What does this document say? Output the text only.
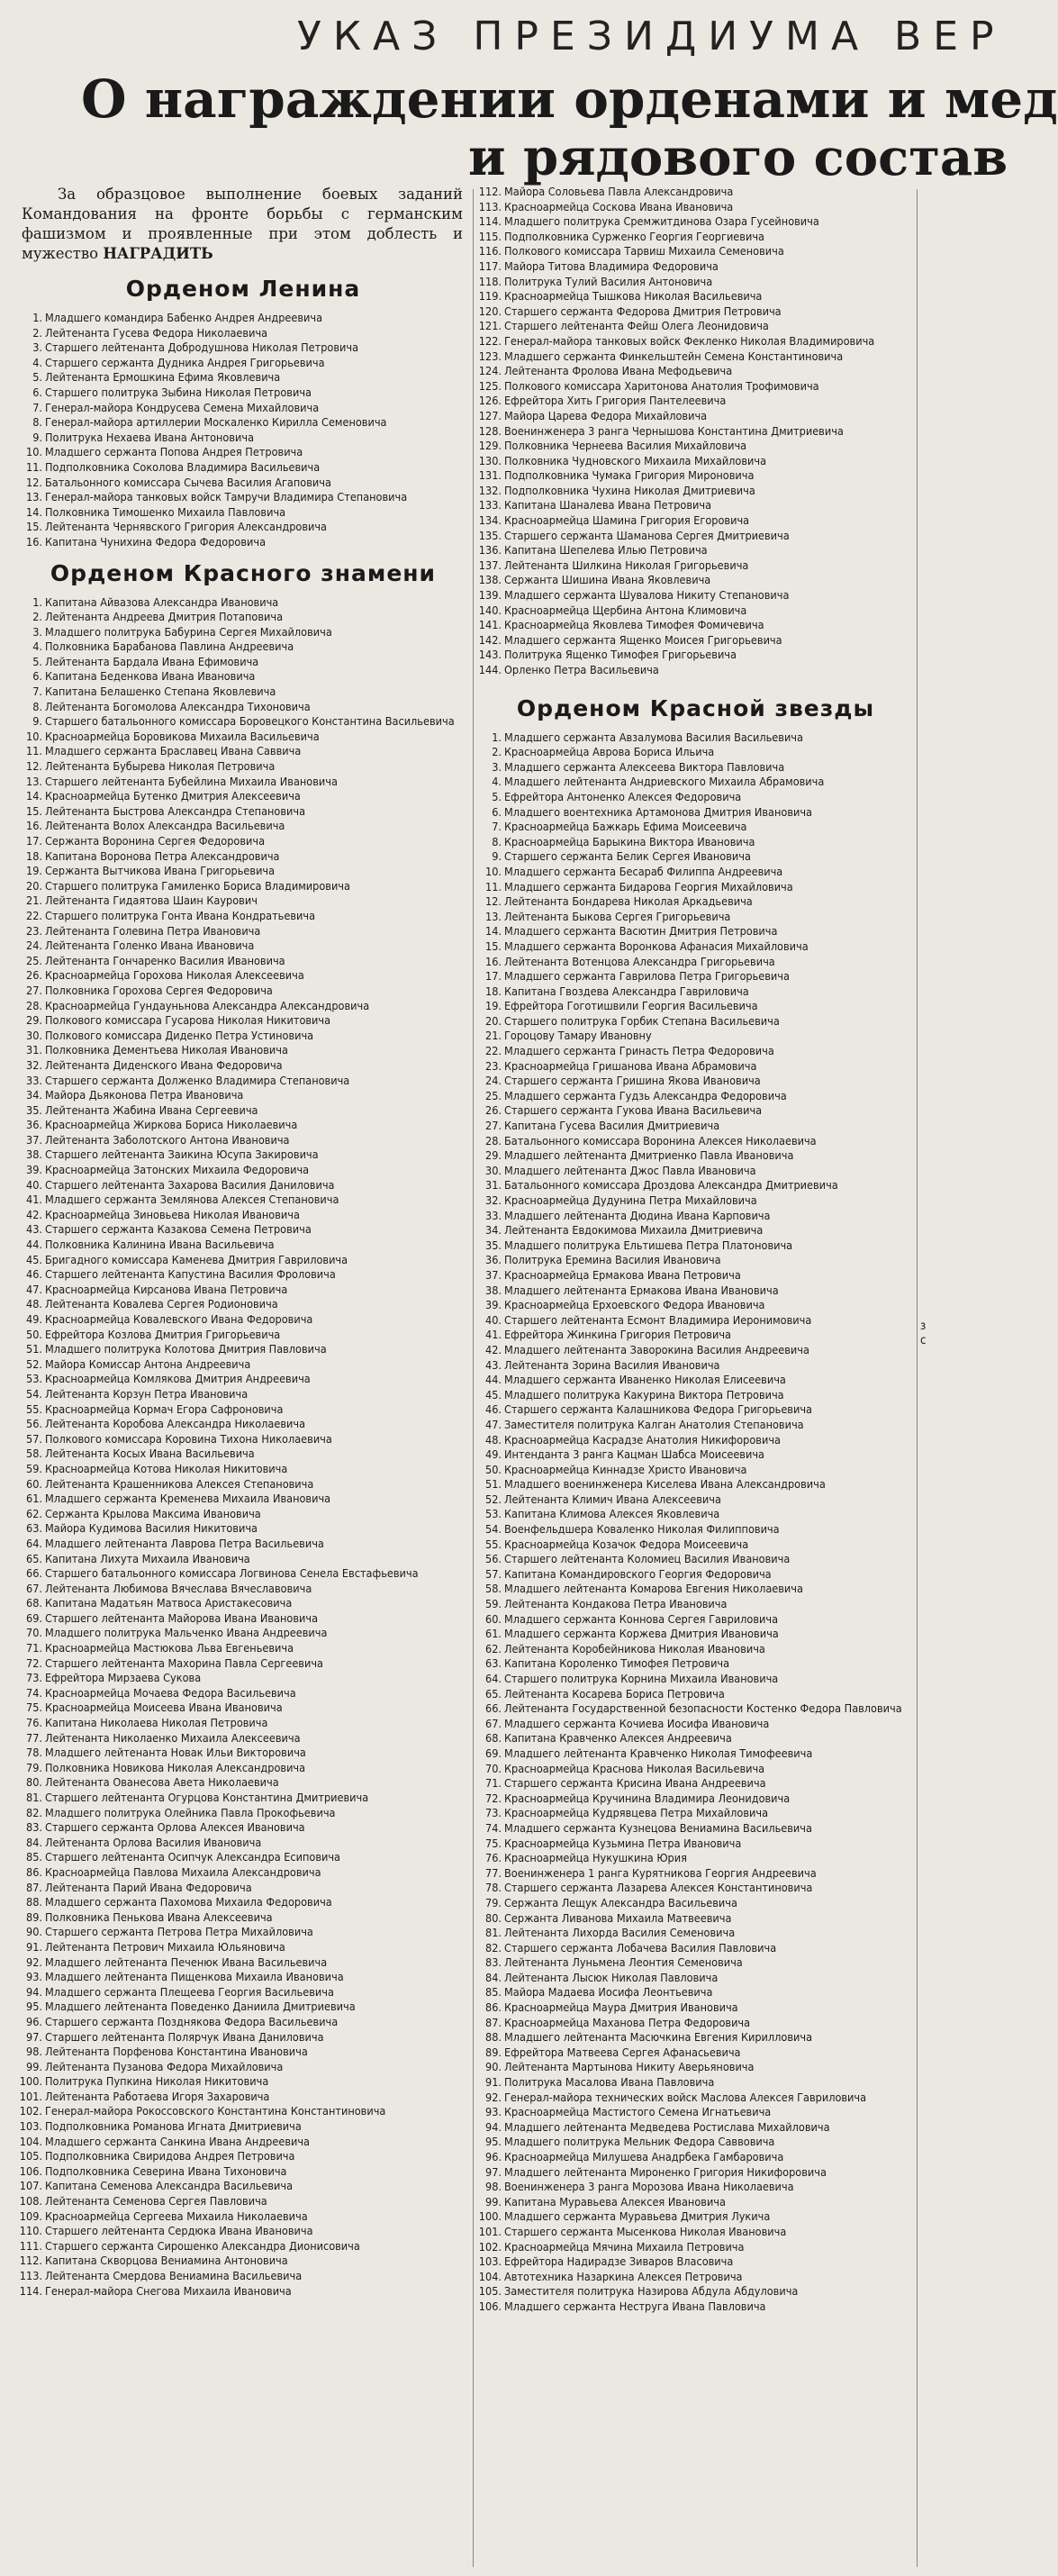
УКАЗ ПРЕЗИДИУМА ВЕР
О награждении орденами и мед
и рядового состав

За образцовое выполнение боевых заданий Командования на фронте борьбы с германским фашизмом и проявленные при этом доблесть и мужество НАГРАДИТЬ

Орденом Ленина
1. Младшего командира Бабенко Андрея Андреевича
2. Лейтенанта Гусева Федора Николаевича
3. Старшего лейтенанта Добродушнова Николая Петровича
4. Старшего сержанта Дудника Андрея Григорьевича
5. Лейтенанта Ермошкина Ефима Яковлевича
6. Старшего политрука Зыбина Николая Петровича
7. Генерал-майора Кондрусева Семена Михайловича
8. Генерал-майора артиллерии Москаленко Кирилла Семеновича
9. Политрука Нехаева Ивана Антоновича
10. Младшего сержанта Попова Андрея Петровича
11. Подполковника Соколова Владимира Васильевича
12. Батальонного комиссара Сычева Василия Агаповича
13. Генерал-майора танковых войск Тамручи Владимира Степановича
14. Полковника Тимошенко Михаила Павловича
15. Лейтенанта Чернявского Григория Александровича
16. Капитана Чунихина Федора Федоровича
Орденом Красного знамени
1. Капитана Айвазова Александра Ивановича
2. Лейтенанта Андреева Дмитрия Потаповича
3. Младшего политрука Бабурина Сергея Михайловича
4. Полковника Барабанова Павлина Андреевича
5. Лейтенанта Бардала Ивана Ефимовича
6. Капитана Беденкова Ивана Ивановича
7. Капитана Белашенко Степана Яковлевича
8. Лейтенанта Богомолова Александра Тихоновича
9. Старшего батальонного комиссара Боровецкого Константина Васильевича
10. Красноармейца Боровикова Михаила Васильевича
11. Младшего сержанта Браславец Ивана Саввича
12. Лейтенанта Бубырева Николая Петровича
13. Старшего лейтенанта Бубейлина Михаила Ивановича
14. Красноармейца Бутенко Дмитрия Алексеевича
15. Лейтенанта Быстрова Александра Степановича
16. Лейтенанта Волох Александра Васильевича
17. Сержанта Воронина Сергея Федоровича
18. Капитана Воронова Петра Александровича
19. Сержанта Вытчикова Ивана Григорьевича
20. Старшего политрука Гамиленко Бориса Владимировича
21. Лейтенанта Гидаятова Шаин Каурович
22. Старшего политрука Гонта Ивана Кондратьевича
23. Лейтенанта Голевина Петра Ивановича
24. Лейтенанта Голенко Ивана Ивановича
25. Лейтенанта Гончаренко Василия Ивановича
26. Красноармейца Горохова Николая Алексеевича
27. Полковника Горохова Сергея Федоровича
28. Красноармейца Гундауньнова Александра Александровича
29. Полкового комиссара Гусарова Николая Никитовича
30. Полкового комиссара Диденко Петра Устиновича
31. Полковника Дементьева Николая Ивановича
32. Лейтенанта Диденского Ивана Федоровича
33. Старшего сержанта Долженко Владимира Степановича
34. Майора Дьяконова Петра Ивановича
35. Лейтенанта Жабина Ивана Сергеевича
36. Красноармейца Жиркова Бориса Николаевича
37. Лейтенанта Заболотского Антона Ивановича
38. Старшего лейтенанта Заикина Юсупа Закировича
39. Красноармейца Затонских Михаила Федоровича
40. Старшего лейтенанта Захарова Василия Даниловича
41. Младшего сержанта Землянова Алексея Степановича
42. Красноармейца Зиновьева Николая Ивановича
43. Старшего сержанта Казакова Семена Петровича
44. Полковника Калинина Ивана Васильевича
45. Бригадного комиссара Каменева Дмитрия Гавриловича
46. Старшего лейтенанта Капустина Василия Фроловича
47. Красноармейца Кирсанова Ивана Петровича
48. Лейтенанта Ковалева Сергея Родионовича
49. Красноармейца Ковалевского Ивана Федоровича
50. Ефрейтора Козлова Дмитрия Григорьевича
51. Младшего политрука Колотова Дмитрия Павловича
52. Майора Комиссар Антона Андреевича
53. Красноармейца Комлякова Дмитрия Андреевича
54. Лейтенанта Корзун Петра Ивановича
55. Красноармейца Кормач Егора Сафроновича
56. Лейтенанта Коробова Александра Николаевича
57. Полкового комиссара Коровина Тихона Николаевича
58. Лейтенанта Косых Ивана Васильевича
59. Красноармейца Котова Николая Никитовича
60. Лейтенанта Крашенникова Алексея Степановича
61. Младшего сержанта Кременева Михаила Ивановича
62. Сержанта Крылова Максима Ивановича
63. Майора Кудимова Василия Никитовича
64. Младшего лейтенанта Лаврова Петра Васильевича
65. Капитана Лихута Михаила Ивановича
66. Старшего батальонного комиссара Логвинова Сенела Евстафьевича
67. Лейтенанта Любимова Вячеслава Вячеславовича
68. Капитана Мадатьян Матвоса Аристакесовича
69. Старшего лейтенанта Майорова Ивана Ивановича
70. Младшего политрука Мальченко Ивана Андреевича
71. Красноармейца Мастюкова Льва Евгеньевича
72. Старшего лейтенанта Махорина Павла Сергеевича
73. Ефрейтора Мирзаева Сукова
74. Красноармейца Мочаева Федора Васильевича
75. Красноармейца Моисеева Ивана Ивановича
76. Капитана Николаева Николая Петровича
77. Лейтенанта Николаенко Михаила Алексеевича
78. Младшего лейтенанта Новак Ильи Викторовича
79. Полковника Новикова Николая Александровича
80. Лейтенанта Ованесова Авета Николаевича
81. Старшего лейтенанта Огурцова Константина Дмитриевича
82. Младшего политрука Олейника Павла Прокофьевича
83. Старшего сержанта Орлова Алексея Ивановича
84. Лейтенанта Орлова Василия Ивановича
85. Старшего лейтенанта Осипчук Александра Есиповича
86. Красноармейца Павлова Михаила Александровича
87. Лейтенанта Парий Ивана Федоровича
88. Младшего сержанта Пахомова Михаила Федоровича
89. Полковника Пенькова Ивана Алексеевича
90. Старшего сержанта Петрова Петра Михайловича
91. Лейтенанта Петрович Михаила Юльяновича
92. Младшего лейтенанта Печенюк Ивана Васильевича
93. Младшего лейтенанта Пищенкова Михаила Ивановича
94. Младшего сержанта Плещеева Георгия Васильевича
95. Младшего лейтенанта Поведенко Даниила Дмитриевича
96. Старшего сержанта Позднякова Федора Васильевича
97. Старшего лейтенанта Полярчук Ивана Даниловича
98. Лейтенанта Порфенова Константина Ивановича
99. Лейтенанта Пузанова Федора Михайловича
100. Политрука Пупкина Николая Никитовича
101. Лейтенанта Работаева Игоря Захаровича
102. Генерал-майора Рокоссовского Константина Константиновича
103. Подполковника Романова Игната Дмитриевича
104. Младшего сержанта Санкина Ивана Андреевича
105. Подполковника Свиридова Андрея Петровича
106. Подполковника Северина Ивана Тихоновича
107. Капитана Семенова Александра Васильевича
108. Лейтенанта Семенова Сергея Павловича
109. Красноармейца Сергеева Михаила Николаевича
110. Старшего лейтенанта Сердюка Ивана Ивановича
111. Старшего сержанта Сирошенко Александра Дионисовича
112. Капитана Скворцова Вениамина Антоновича
113. Лейтенанта Смердова Вениамина Васильевича
114. Генерал-майора Снегова Михаила Ивановича
112. Майора Соловьева Павла Александровича
113. Красноармейца Соскова Ивана Ивановича
114. Младшего политрука Сремжитдинова Озара Гусейновича
115. Подполковника Сурженко Георгия Георгиевича
116. Полкового комиссара Тарвиш Михаила Семеновича
117. Майора Титова Владимира Федоровича
118. Политрука Тулий Василия Антоновича
119. Красноармейца Тышкова Николая Васильевича
120. Старшего сержанта Федорова Дмитрия Петровича
121. Старшего лейтенанта Фейш Олега Леонидовича
122. Генерал-майора танковых войск Фекленко Николая Владимировича
123. Младшего сержанта Финкельштейн Семена Константиновича
124. Лейтенанта Фролова Ивана Мефодьевича
125. Полкового комиссара Харитонова Анатолия Трофимовича
126. Ефрейтора Хить Григория Пантелеевича
127. Майора Царева Федора Михайловича
128. Военинженера 3 ранга Чернышова Константина Дмитриевича
129. Полковника Чернеева Василия Михайловича
130. Полковника Чудновского Михаила Михайловича
131. Подполковника Чумака Григория Мироновича
132. Подполковника Чухина Николая Дмитриевича
133. Капитана Шаналева Ивана Петровича
134. Красноармейца Шамина Григория Егоровича
135. Старшего сержанта Шаманова Сергея Дмитриевича
136. Капитана Шепелева Илью Петровича
137. Лейтенанта Шилкина Николая Григорьевича
138. Сержанта Шишина Ивана Яковлевича
139. Младшего сержанта Шувалова Никиту Степановича
140. Красноармейца Щербина Антона Климовича
141. Красноармейца Яковлева Тимофея Фомичевича
142. Младшего сержанта Ященко Моисея Григорьевича
143. Политрука Ященко Тимофея Григорьевича
144. Орленко Петра Васильевича
Орденом Красной звезды
1. Младшего сержанта Авзалумова Василия Васильевича
2. Красноармейца Аврова Бориса Ильича
3. Младшего сержанта Алексеева Виктора Павловича
4. Младшего лейтенанта Андриевского Михаила Абрамовича
5. Ефрейтора Антоненко Алексея Федоровича
6. Младшего воентехника Артамонова Дмитрия Ивановича
7. Красноармейца Бажкарь Ефима Моисеевича
8. Красноармейца Барыкина Виктора Ивановича
9. Старшего сержанта Белик Сергея Ивановича
10. Младшего сержанта Бесараб Филиппа Андреевича
11. Младшего сержанта Бидарова Георгия Михайловича
12. Лейтенанта Бондарева Николая Аркадьевича
13. Лейтенанта Быкова Сергея Григорьевича
14. Младшего сержанта Васютин Дмитрия Петровича
15. Младшего сержанта Воронкова Афанасия Михайловича
16. Лейтенанта Вотенцова Александра Григорьевича
17. Младшего сержанта Гаврилова Петра Григорьевича
18. Капитана Гвоздева Александра Гавриловича
19. Ефрейтора Гоготишвили Георгия Васильевича
20. Старшего политрука Горбик Степана Васильевича
21. Гороцову Тамару Ивановну
22. Младшего сержанта Гринасть Петра Федоровича
23. Красноармейца Гришанова Ивана Абрамовича
24. Старшего сержанта Гришина Якова Ивановича
25. Младшего сержанта Гудзь Александра Федоровича
26. Старшего сержанта Гукова Ивана Васильевича
27. Капитана Гусева Василия Дмитриевича
28. Батальонного комиссара Воронина Алексея Николаевича
29. Младшего лейтенанта Дмитриенко Павла Ивановича
30. Младшего лейтенанта Джос Павла Ивановича
31. Батальонного комиссара Дроздова Александра Дмитриевича
32. Красноармейца Дудунина Петра Михайловича
33. Младшего лейтенанта Дюдина Ивана Карповича
34. Лейтенанта Евдокимова Михаила Дмитриевича
35. Младшего политрука Ельтишева Петра Платоновича
36. Политрука Еремина Василия Ивановича
37. Красноармейца Ермакова Ивана Петровича
38. Младшего лейтенанта Ермакова Ивана Ивановича
39. Красноармейца Ерхоевского Федора Ивановича
40. Старшего лейтенанта Есмонт Владимира Иеронимовича
41. Ефрейтора Жинкина Григория Петровича
42. Младшего лейтенанта Заворокина Василия Андреевича
43. Лейтенанта Зорина Василия Ивановича
44. Младшего сержанта Иваненко Николая Елисеевича
45. Младшего политрука Какурина Виктора Петровича
46. Старшего сержанта Калашникова Федора Григорьевича
47. Заместителя политрука Калган Анатолия Степановича
48. Красноармейца Касрадзе Анатолия Никифоровича
49. Интенданта 3 ранга Кацман Шабса Моисеевича
50. Красноармейца Киннадзе Христо Ивановича
51. Младшего военинженера Киселева Ивана Александровича
52. Лейтенанта Климич Ивана Алексеевича
53. Капитана Климова Алексея Яковлевича
54. Военфельдшера Коваленко Николая Филипповича
55. Красноармейца Козачок Федора Моисеевича
56. Старшего лейтенанта Коломиец Василия Ивановича
57. Капитана Командировского Георгия Федоровича
58. Младшего лейтенанта Комарова Евгения Николаевича
59. Лейтенанта Кондакова Петра Ивановича
60. Младшего сержанта Коннова Сергея Гавриловича
61. Младшего сержанта Коржева Дмитрия Ивановича
62. Лейтенанта Коробейникова Николая Ивановича
63. Капитана Короленко Тимофея Петровича
64. Старшего политрука Корнина Михаила Ивановича
65. Лейтенанта Косарева Бориса Петровича
66. Лейтенанта Государственной безопасности Костенко Федора Павловича
67. Младшего сержанта Кочиева Иосифа Ивановича
68. Капитана Кравченко Алексея Андреевича
69. Младшего лейтенанта Кравченко Николая Тимофеевича
70. Красноармейца Краснова Николая Васильевича
71. Старшего сержанта Крисина Ивана Андреевича
72. Красноармейца Кручинина Владимира Леонидовича
73. Красноармейца Кудрявцева Петра Михайловича
74. Младшего сержанта Кузнецова Вениамина Васильевича
75. Красноармейца Кузьмина Петра Ивановича
76. Красноармейца Нукушкина Юрия
77. Военинженера 1 ранга Курятникова Георгия Андреевича
78. Старшего сержанта Лазарева Алексея Константиновича
79. Сержанта Лещук Александра Васильевича
80. Сержанта Ливанова Михаила Матвеевича
81. Лейтенанта Лихорда Василия Семеновича
82. Старшего сержанта Лобачева Василия Павловича
83. Лейтенанта Луньмена Леонтия Семеновича
84. Лейтенанта Лысюк Николая Павловича
85. Майора Мадаева Иосифа Леонтьевича
86. Красноармейца Маура Дмитрия Ивановича
87. Красноармейца Маханова Петра Федоровича
88. Младшего лейтенанта Масючкина Евгения Кирилловича
89. Ефрейтора Матвеева Сергея Афанасьевича
90. Лейтенанта Мартынова Никиту Аверьяновича
91. Политрука Масалова Ивана Павловича
92. Генерал-майора технических войск Маслова Алексея Гавриловича
93. Красноармейца Мастистого Семена Игнатьевича
94. Младшего лейтенанта Медведева Ростислава Михайловича
95. Младшего политрука Мельник Федора Саввовича
96. Красноармейца Милушева Анадрбека Гамбаровича
97. Младшего лейтенанта Мироненко Григория Никифоровича
98. Военинженера 3 ранга Морозова Ивана Николаевича
99. Капитана Муравьева Алексея Ивановича
100. Младшего сержанта Муравьева Дмитрия Лукича
101. Старшего сержанта Мысенкова Николая Ивановича
102. Красноармейца Мячина Михаила Петровича
103. Ефрейтора Надирадзе Зиваров Власовича
104. Автотехника Назаркина Алексея Петровича
105. Заместителя политрука Назирова Абдула Абдуловича
106. Младшего сержанта Неструга Ивана Павловича
з
с
